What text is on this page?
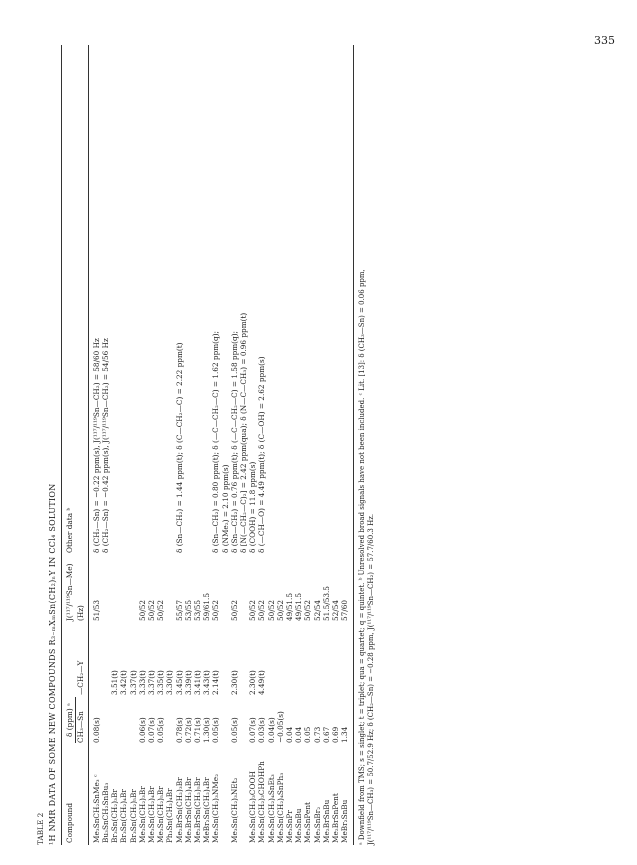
335
TABLE 2 ¹H NMR DATA OF SOME NEW COMPOUNDS R₃₋ₘXₘSn(CH₂)ₙY IN CCl₄ SOLUTION Compound	δ (ppm) ᵃ		J(¹¹⁷/¹¹⁹Sn—Me)	Other data ᵇ
	CH₃—Sn	—CH₂—Y	(Hz)	

Me₃SnCH₂SnMe₃ ᶜ	0.08(s)		51/53	δ (CH₂—Sn) = −0.22 ppm(s), J(¹¹⁷/¹¹⁹Sn—CH₂) = 58/60 Hz
Bu₃SnCH₂SnBu₃				δ (CH₂—Sn) = −0.42 ppm(s), J(¹¹⁷/¹¹⁹Sn—CH₂) = 54/56 Hz
Br₃Sn(CH₂)₃Br		3.51(t)		
Br₃Sn(CH₂)₄Br		3.42(t)		
Br₃Sn(CH₂)₅Br		3.37(t)		
Me₃Sn(CH₂)₃Br	0.06(s)	3.33(t)	50/52	
Me₃Sn(CH₂)₄Br	0.07(s)	3.37(t)	50/52	
Me₃Sn(CH₂)₅Br	0.05(s)	3.35(t)	50/52	
Ph₃Sn(CH₂)₄Br		3.30(t)		
Me₂BrSn(CH₂)₃Br	0.78(s)	3.45(t)	55/57	δ (Sn—CH₂) = 1.44 ppm(t); δ (C—CH₂—C) = 2.22 ppm(t)
Me₂BrSn(CH₂)₄Br	0.72(s)	3.39(t)	53/55	
Me₂BrSn(CH₂)₅Br	0.71(s)	3.41(t)	53/55	
MeBr₂Sn(CH₂)₄Br	1.30(s)	3.43(t)	59/61.5	
Me₃Sn(CH₂)₃NMe₂	0.05(s)	2.14(t)	50/52	δ (Sn—CH₂) = 0.80 ppm(t); δ (—C—CH₂—C) = 1.62 ppm(q);
				δ (NMe₂) = 2.10 ppm(s)
Me₃Sn(CH₂)₃NEt₂	0.05(s)	2.30(t)	50/52	δ (Sn—CH₂) = 0.76 ppm(t); δ (—C—CH₂—C) = 1.58 ppm(q);
				δ [N(—CH₂—C)₂] = 2.42 ppm(qua); δ (N—C—CH₃) = 0.96 ppm(t)
Me₃Sn(CH₂)₃COOH	0.07(s)	2.30(t)	50/52	δ (COOH) = 11.8 ppm(s)
Me₃Sn(CH₂)₃CHOHPh	0.03(s)	4.49(t)	50/52	δ (—CH—O) = 4.49 ppm(t); δ (C—OH) = 2.62 ppm(s)
Me₃Sn(CH₂)₄SnEt₃	0.04(s)		50/52	
Me₃Sn(CH₂)₄SnPh₃	−0.05(s)		50/52	
Me₃SnPr	0.04		49/51.5	
Me₃SnBu	0.04		49/51.5	
Me₃SnPent	0.05		50/52	
Me₂SnBr₂	0.73		52/54	
Me₂BrSnBu	0.67		51.5/53.5	
Me₂BrSnPent	0.69		52/54	
MeBr₂SnBu	1.34		57/60	ᵃ Downfield from TMS; s = singlet; t = triplet; qua = quartet; q = quintet. ᵇ Unresolved broad signals have not been included. ᶜ Lit. [13]: δ (CH₃—Sn) = 0.06 ppm, J(¹¹⁷/¹¹⁹Sn—CH₃) = 50.7/52.9 Hz; δ (CH₂—Sn) = −0.28 ppm, J(¹¹⁷/¹¹⁹Sn—CH₂) = 57.7/60.3 Hz.
